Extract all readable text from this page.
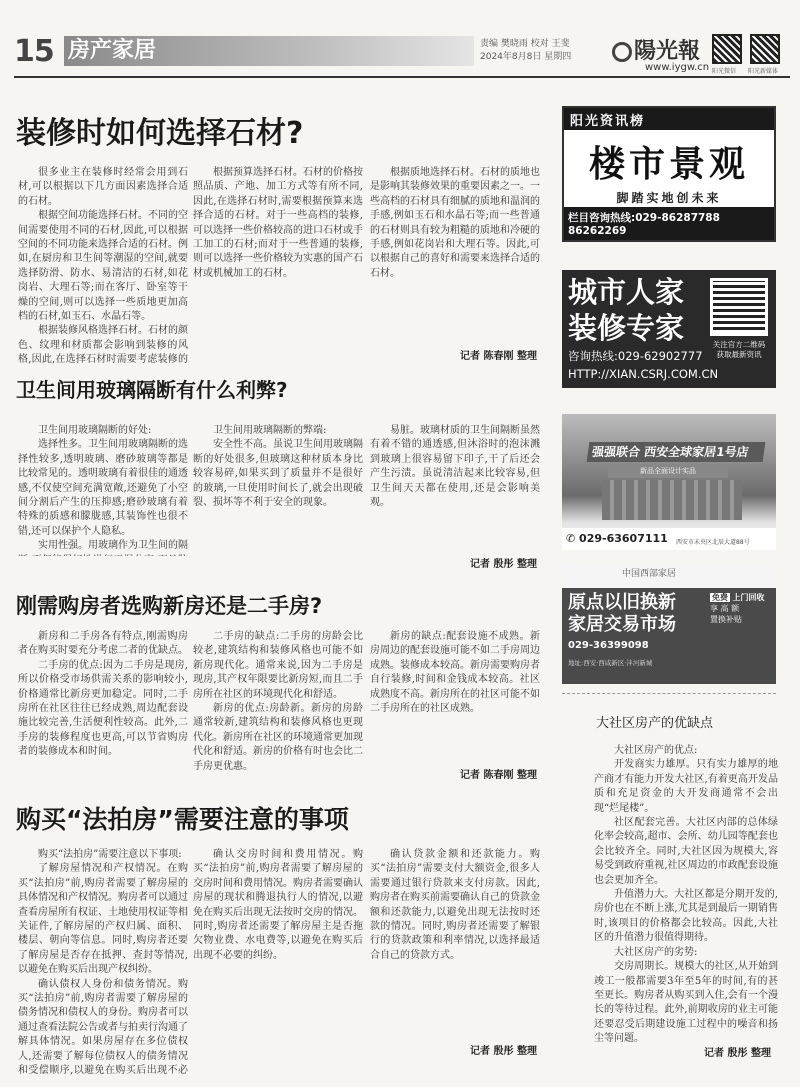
15 房产家居	责编 樊晓雨 校对 王斐
2024年8月8日 星期四	陽光報
www.iygw.cn 阳光微信 阳光新媒体
装修时如何选择石材?

很多业主在装修时经常会用到石材,可以根据以下几方面因素选择合适的石材。

根据空间功能选择石材。不同的空间需要使用不同的石材,因此,可以根据空间的不同功能来选择合适的石材。例如,在厨房和卫生间等潮湿的空间,就要选择防滑、防水、易清洁的石材,如花岗岩、大理石等;而在客厅、卧室等干燥的空间,则可以选择一些质地更加高档的石材,如玉石、水晶石等。

根据装修风格选择石材。石材的颜色、纹理和材质都会影响到装修的风格,因此,在选择石材时需要考虑装修的

根据预算选择石材。石材的价格按照品质、产地、加工方式等有所不同,因此,在选择石材时,需要根据预算来选择合适的石材。对于一些高档的装修,可以选择一些价格较高的进口石材或手工加工的石材;而对于一些普通的装修,则可以选择一些价格较为实惠的国产石材或机械加工的石材。

根据质地选择石材。石材的质地也是影响其装修效果的重要因素之一。一些高档的石材具有细腻的质地和温润的手感,例如玉石和水晶石等;而一些普通的石材则具有较为粗糙的质地和冷硬的手感,例如花岗岩和大理石等。因此,可以根据自己的喜好和需要来选择合适的石材。

记者 陈春刚 整理
卫生间用玻璃隔断有什么利弊?

卫生间用玻璃隔断的好处:

选择性多。卫生间用玻璃隔断的选择性较多,透明玻璃、磨砂玻璃等都是比较常见的。透明玻璃有着很佳的通透感,不仅使空间充满宽敞,还避免了小空间分割后产生的压抑感;磨砂玻璃有着特殊的质感和朦胧感,其装饰性也很不错,还可以保护个人隐私。

实用性强。用玻璃作为卫生间的隔

卫生间用玻璃隔断的弊端:

安全性不高。虽说卫生间用玻璃隔断的好处很多,但玻璃这种材质本身比较容易碎,如果买到了质量并不是很好的玻璃,一旦使用时间长了,就会出现破裂、损坏等不利于安全的现象。

易脏。玻璃材质的卫生间隔断虽然有着不错的通透感,但沐浴时的泡沫溅到玻璃上很容易留下印子,干了后还会产生污渍。虽说清洁起来比较容易,但卫生间天天都在使用,还是会影响美观。

记者 殷彤 整理
刚需购房者选购新房还是二手房?

新房和二手房各有特点,刚需购房者在购买时要充分考虑二者的优缺点。

二手房的优点:因为二手房是现房,所以价格受市场供需关系的影响较小,价格通常比新房更加稳定。同时,二手房所在社区往往已经成熟,周边配套设施比较完善,生活便利性较高。此外,二手房的装修程度也更高,可以节省购房者的装修成本和时间。

二手房的缺点:二手房的房龄会比较老,建筑结构和装修风格也可能不如新房现代化。通常来说,因为二手房是现房,其产权年限要比新房短,而且二手房所在社区的环境现代化和舒适。

新房的优点:房龄新。新房的房龄通常较新,建筑结构和装修风格也更现代化。新房所在社区的环境通常更加现代化和舒适。新房的价格有时也会比二手房更优惠。

新房的缺点:配套设施不成熟。新房周边的配套设施可能不如二手房周边成熟。装修成本较高。新房需要购房者自行装修,时间和金钱成本较高。社区成熟度不高。新房所在的社区可能不如二手房所在的社区成熟。

记者 陈春刚 整理
购买“法拍房”需要注意的事项

购买“法拍房”需要注意以下事项:

了解房屋情况和产权情况。在购买“法拍房”前,购房者需要了解房屋的具体情况和产权情况。购房者可以通过查看房屋所有权证、土地使用权证等相关证件,了解房屋的产权归属、面积、楼层、朝向等信息。同时,购房者还要了解房屋是否存在抵押、查封等情况,以避免在购买后出现产权纠纷。

确认债权人身份和债务情况。购买“法拍房”前,购房者需要了解房屋的债务情况和债权人的身份。购房者可以通过查看法院公告或者与拍卖行沟通了解具体情况。如果房屋存在多位债权人,还需要了解每位债权人的债务情况和受偿顺序,以避免在购买后出现不必

确认交房时间和费用情况。购买“法拍房”前,购房者需要了解房屋的交房时间和费用情况。购房者需要确认房屋的现状和腾退执行人的情况,以避免在购买后出现无法按时交房的情况。同时,购房者还需要了解房屋主是否拖欠物业费、水电费等,以避免在购买后出现不必要的纠纷。

确认贷款金额和还款能力。购买“法拍房”需要支付大额资金,很多人需要通过银行贷款来支付房款。因此,购房者在购买前需要确认自己的贷款金额和还款能力,以避免出现无法按时还款的情况。同时,购房者还需要了解银行的贷款政策和利率情况,以选择最适合自己的贷款方式。

记者 殷彤 整理
阳光资讯榜
楼市景观
脚踏实地创未来
栏目咨询热线:029-86287788 86262269
城市人家
装修专家	关注官方二维码 获取最新资讯
咨询热线:029-62902777
HTTP://XIAN.CSRJ.COM.CN
强强联合 西安全球家居1号店
新品全面设计实品
✆ 029-63607111	西安市未央区北辰大道88号
中国西部家居
原点以旧换新
家居交易市场
免费 上门回收
享 高 额
置换补贴
029-36399098
地址:西安·西咸新区·沣河新城
大社区房产的优缺点

大社区房产的优点:

开发商实力雄厚。只有实力雄厚的地产商才有能力开发大社区,有着更高开发品质和充足资金的大开发商通常不会出现“烂尾楼”。

社区配套完善。大社区内部的总体绿化率会较高,超市、会所、幼儿园等配套也会比较齐全。同时,大社区因为规模大,容易受到政府重视,社区周边的市政配套设施也会更加齐全。

升值潜力大。大社区都是分期开发的,房价也在不断上涨,尤其是到最后一期销售时,该项目的价格都会比较高。因此,大社区的升值潜力很值得期待。

大社区房产的劣势:

交房周期长。规模大的社区,从开始到竣工一般都需要3年至5年的时间,有的甚至更长。购房者从购买到入住,会有一个漫长的等待过程。此外,前期收房的业主可能还要忍受后期建设施工过程中的噪音和扬尘等问题。

记者 殷彤 整理
